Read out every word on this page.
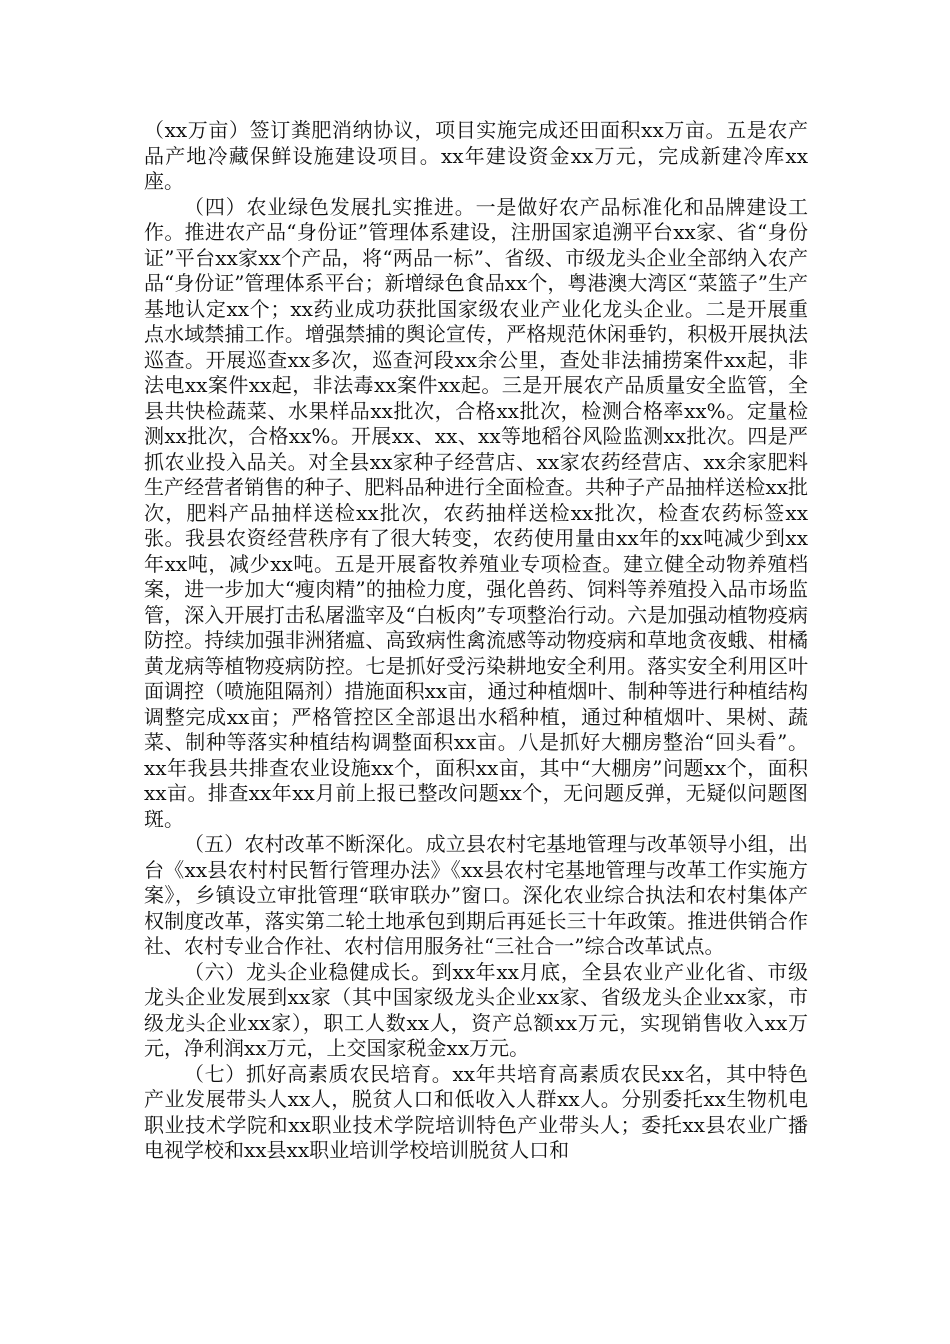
（xx万亩）签订粪肥消纳协议，项目实施完成还田面积xx万亩。五是农产品产地冷藏保鲜设施建设项目。xx年建设资金xx万元，完成新建冷库xx座。

（四）农业绿色发展扎实推进。一是做好农产品标准化和品牌建设工作。推进农产品“身份证”管理体系建设，注册国家追溯平台xx家、省“身份证”平台xx家xx个产品，将“两品一标”、省级、市级龙头企业全部纳入农产品“身份证”管理体系平台；新增绿色食品xx个，粤港澳大湾区“菜篮子”生产基地认定xx个；xx药业成功获批国家级农业产业化龙头企业。二是开展重点水域禁捕工作。增强禁捕的舆论宣传，严格规范休闲垂钓，积极开展执法巡查。开展巡查xx多次，巡查河段xx余公里，查处非法捕捞案件xx起，非法电xx案件xx起，非法毒xx案件xx起。三是开展农产品质量安全监管，全县共快检蔬菜、水果样品xx批次，合格xx批次，检测合格率xx%。定量检测xx批次，合格xx%。开展xx、xx、xx等地稻谷风险监测xx批次。四是严抓农业投入品关。对全县xx家种子经营店、xx家农药经营店、xx余家肥料生产经营者销售的种子、肥料品种进行全面检查。共种子产品抽样送检xx批次，肥料产品抽样送检xx批次，农药抽样送检xx批次，检查农药标签xx张。我县农资经营秩序有了很大转变，农药使用量由xx年的xx吨减少到xx年xx吨，减少xx吨。五是开展畜牧养殖业专项检查。建立健全动物养殖档案，进一步加大“瘦肉精”的抽检力度，强化兽药、饲料等养殖投入品市场监管，深入开展打击私屠滥宰及“白板肉”专项整治行动。六是加强动植物疫病防控。持续加强非洲猪瘟、高致病性禽流感等动物疫病和草地贪夜蛾、柑橘黄龙病等植物疫病防控。七是抓好受污染耕地安全利用。落实安全利用区叶面调控（喷施阻隔剂）措施面积xx亩，通过种植烟叶、制种等进行种植结构调整完成xx亩；严格管控区全部退出水稻种植，通过种植烟叶、果树、蔬菜、制种等落实种植结构调整面积xx亩。八是抓好大棚房整治“回头看”。xx年我县共排查农业设施xx个，面积xx亩，其中“大棚房”问题xx个，面积xx亩。排查xx年xx月前上报已整改问题xx个，无问题反弹，无疑似问题图斑。

（五）农村改革不断深化。成立县农村宅基地管理与改革领导小组，出台《xx县农村村民暂行管理办法》《xx县农村宅基地管理与改革工作实施方案》，乡镇设立审批管理“联审联办”窗口。深化农业综合执法和农村集体产权制度改革，落实第二轮土地承包到期后再延长三十年政策。推进供销合作社、农村专业合作社、农村信用服务社“三社合一”综合改革试点。

（六）龙头企业稳健成长。到xx年xx月底，全县农业产业化省、市级龙头企业发展到xx家（其中国家级龙头企业xx家、省级龙头企业xx家，市级龙头企业xx家），职工人数xx人，资产总额xx万元，实现销售收入xx万元，净利润xx万元，上交国家税金xx万元。

（七）抓好高素质农民培育。xx年共培育高素质农民xx名，其中特色产业发展带头人xx人，脱贫人口和低收入人群xx人。分别委托xx生物机电职业技术学院和xx职业技术学院培训特色产业带头人；委托xx县农业广播电视学校和xx县xx职业培训学校培训脱贫人口和
